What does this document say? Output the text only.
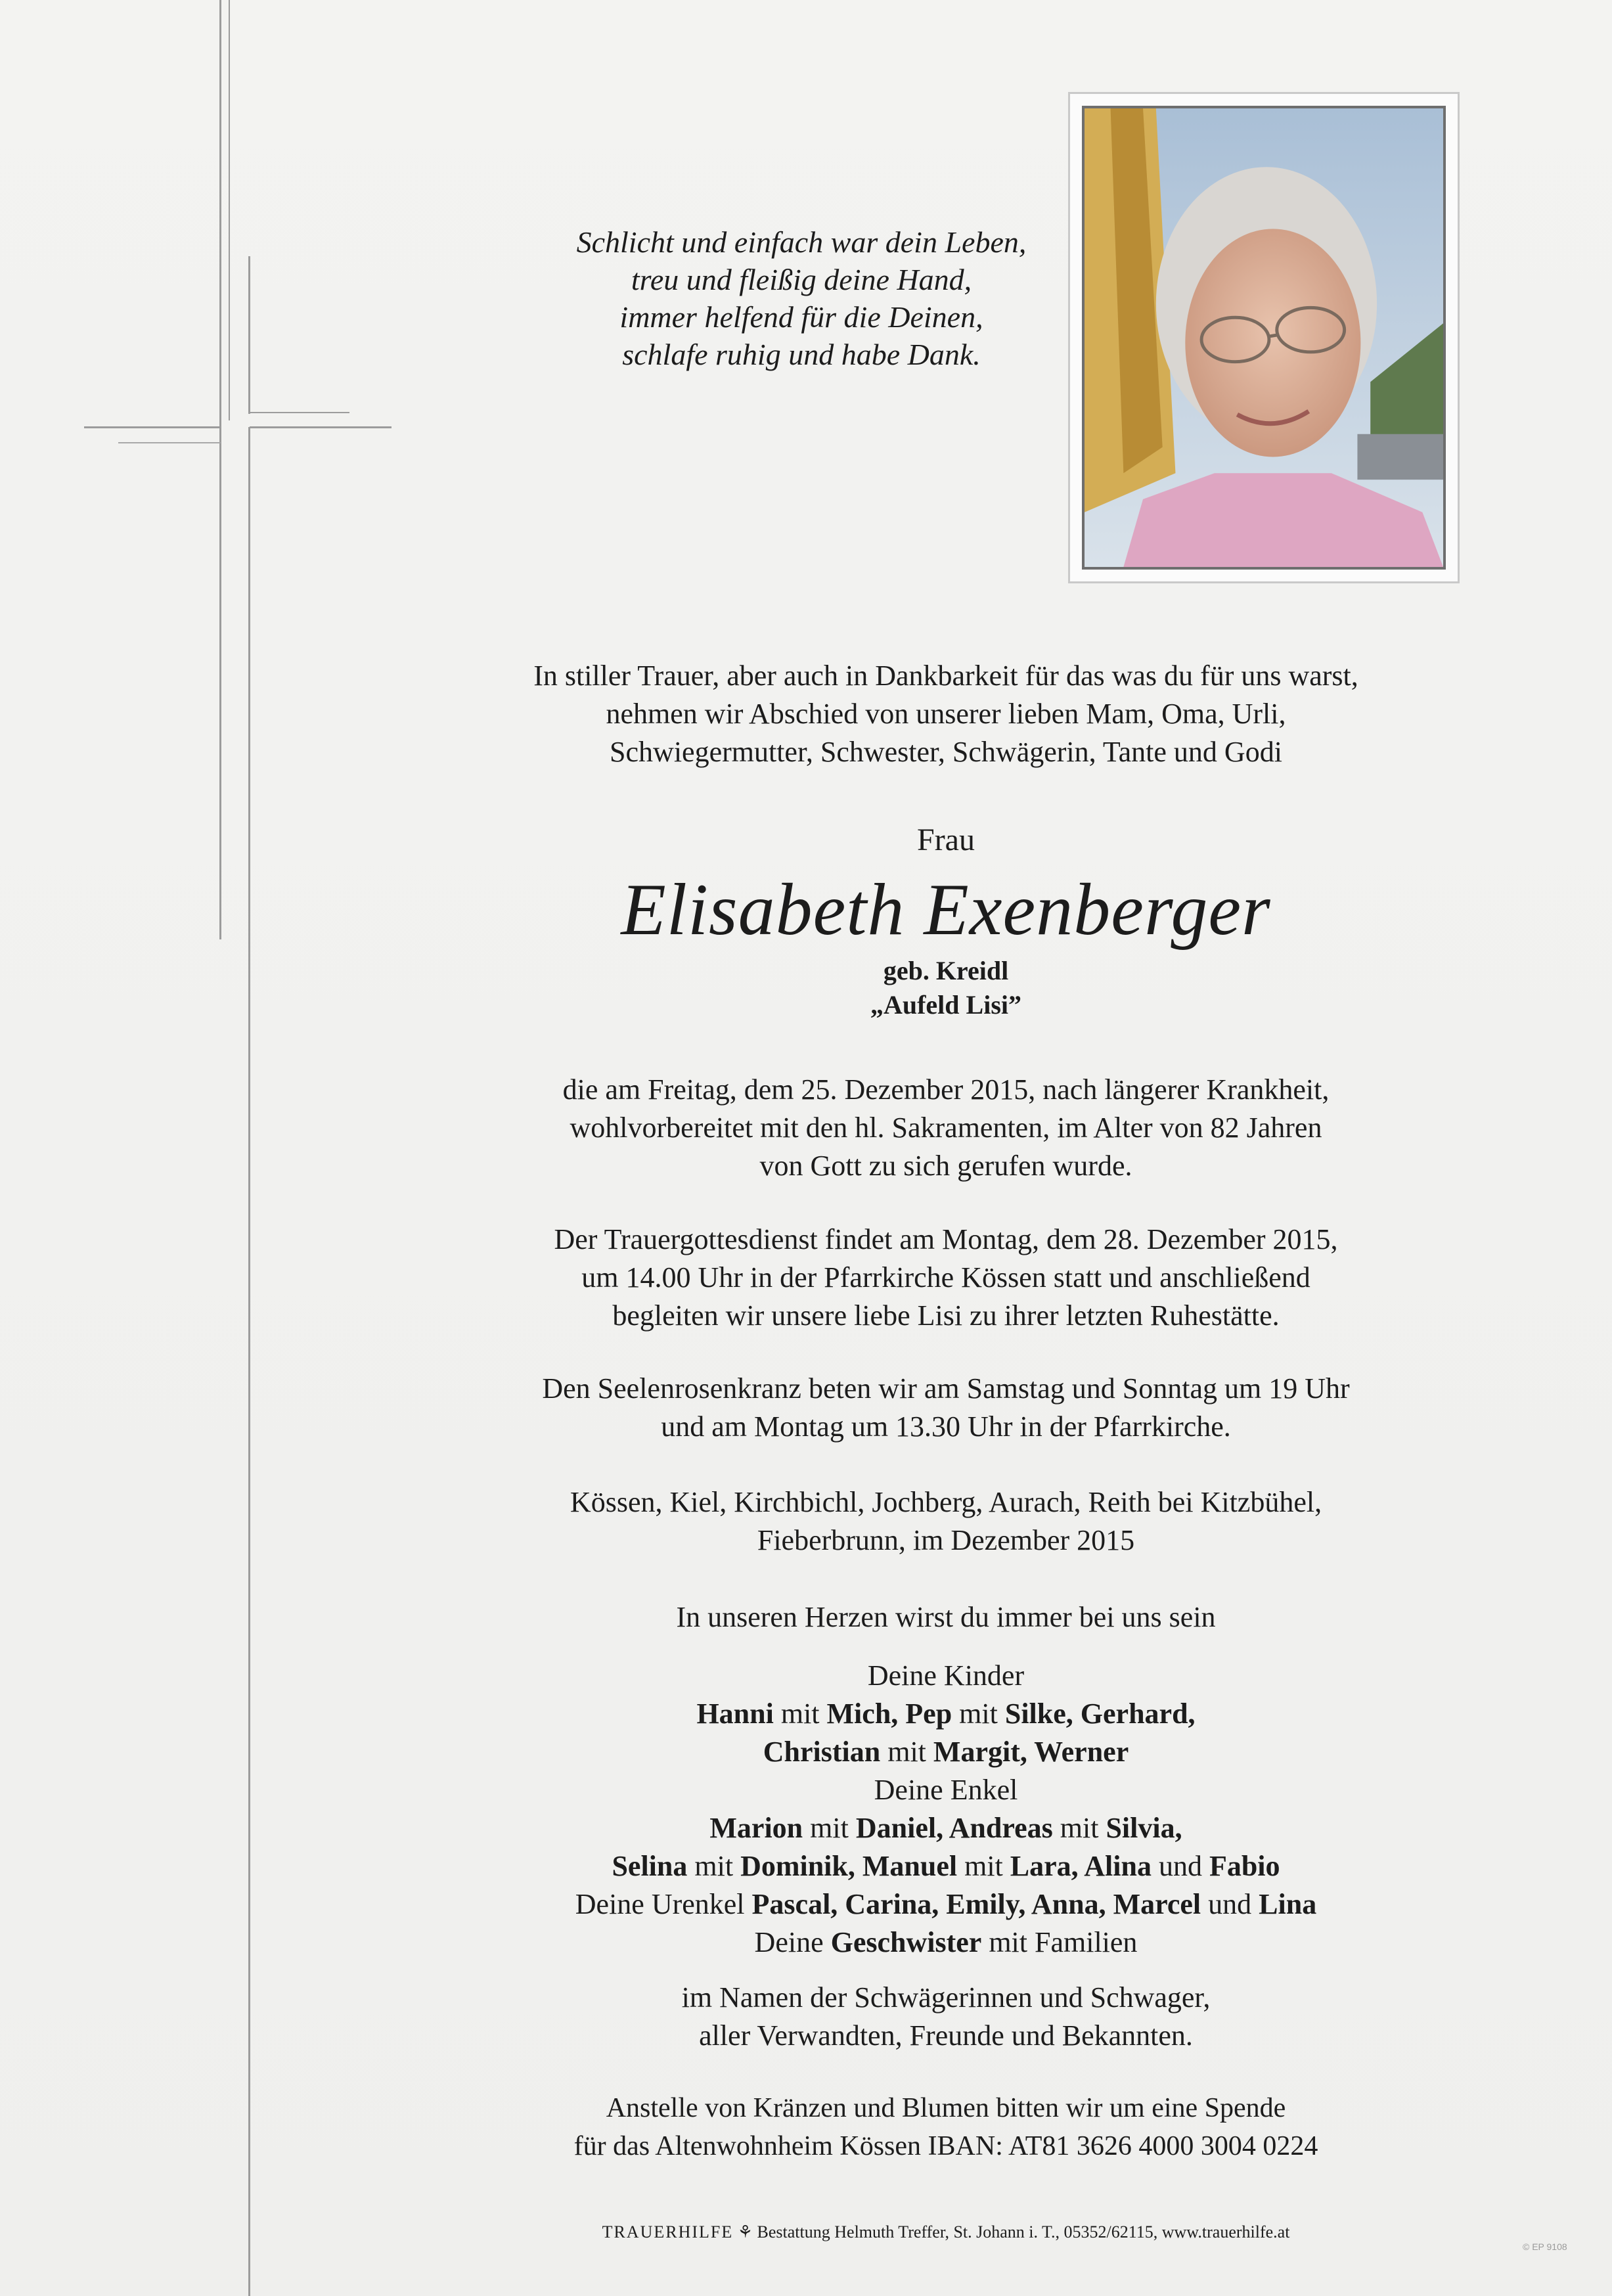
Schlicht und einfach war dein Leben,
treu und fleißig deine Hand,
immer helfend für die Deinen,
schlafe ruhig und habe Dank.
In stiller Trauer, aber auch in Dankbarkeit für das was du für uns warst,
nehmen wir Abschied von unserer lieben Mam, Oma, Urli,
Schwiegermutter, Schwester, Schwägerin, Tante und Godi
Frau
Elisabeth Exenberger
geb. Kreidl
„Aufeld Lisi”
die am Freitag, dem 25. Dezember 2015, nach längerer Krankheit,
wohlvorbereitet mit den hl. Sakramenten, im Alter von 82 Jahren
von Gott zu sich gerufen wurde.
Der Trauergottesdienst findet am Montag, dem 28. Dezember 2015,
um 14.00 Uhr in der Pfarrkirche Kössen statt und anschließend
begleiten wir unsere liebe Lisi zu ihrer letzten Ruhestätte.
Den Seelenrosenkranz beten wir am Samstag und Sonntag um 19 Uhr
und am Montag um 13.30 Uhr in der Pfarrkirche.
Kössen, Kiel, Kirchbichl, Jochberg, Aurach, Reith bei Kitzbühel,
Fieberbrunn, im Dezember 2015
In unseren Herzen wirst du immer bei uns sein
Deine Kinder
Hanni mit Mich, Pep mit Silke, Gerhard,
Christian mit Margit, Werner
Deine Enkel
Marion mit Daniel, Andreas mit Silvia,
Selina mit Dominik, Manuel mit Lara, Alina und Fabio
Deine Urenkel Pascal, Carina, Emily, Anna, Marcel und Lina
Deine Geschwister mit Familien
im Namen der Schwägerinnen und Schwager,
aller Verwandten, Freunde und Bekannten.
Anstelle von Kränzen und Blumen bitten wir um eine Spende
für das Altenwohnheim Kössen IBAN: AT81 3626 4000 3004 0224
TRAUERHILFE ⚘ Bestattung Helmuth Treffer, St. Johann i. T., 05352/62115, www.trauerhilfe.at
© EP 9108
